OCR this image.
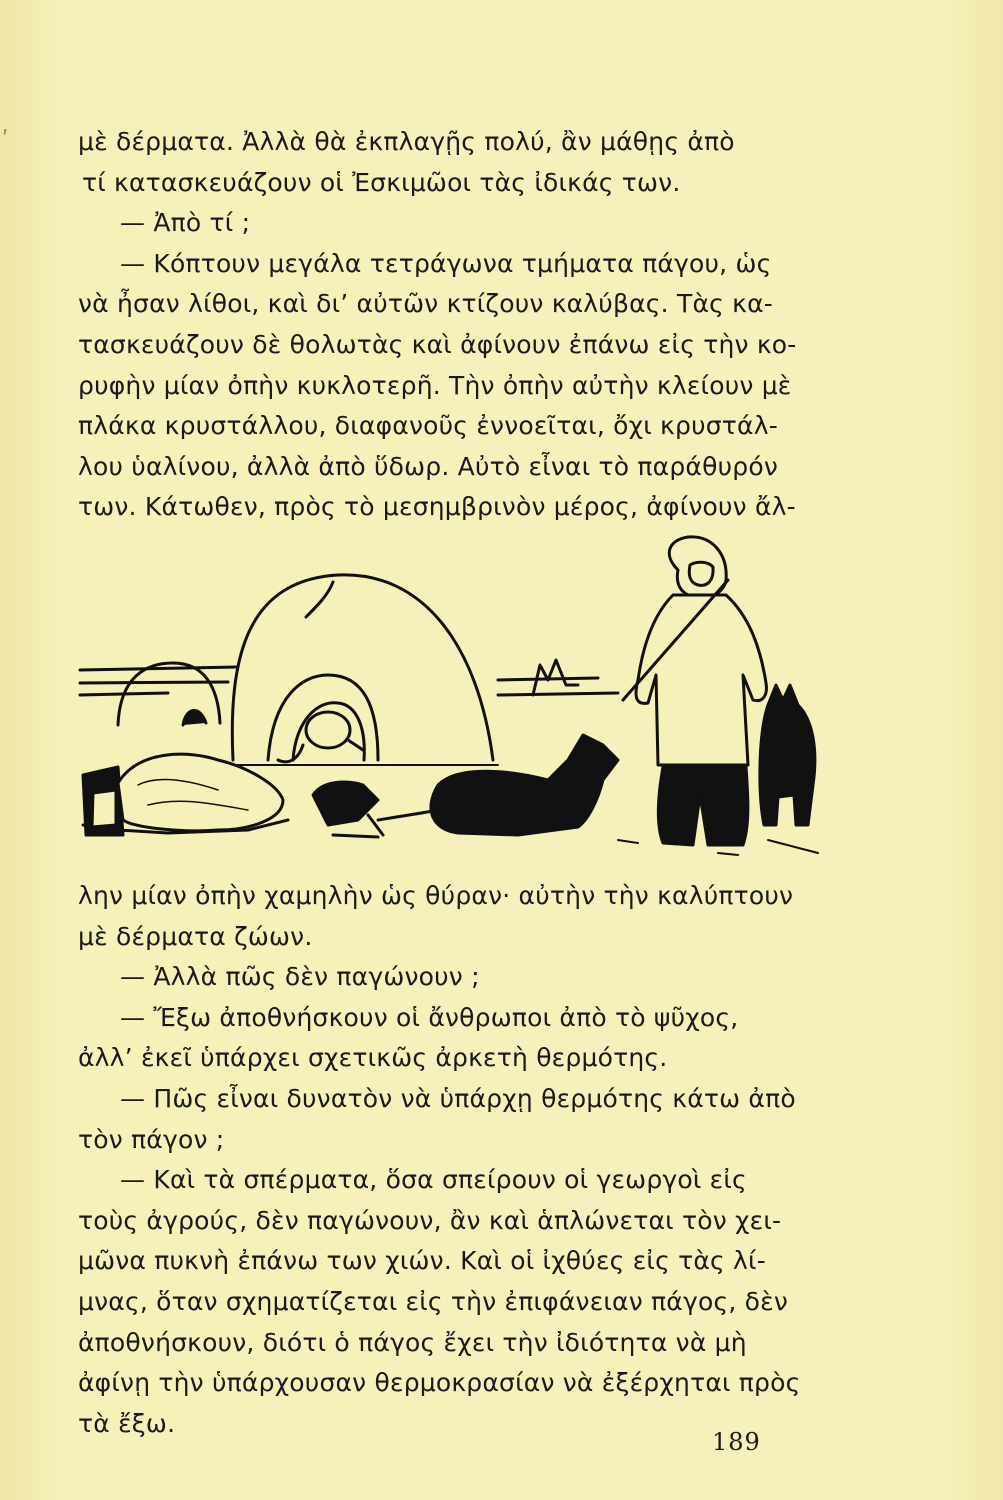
ʹ	μὲ δέρματα. Ἀλλὰ θὰ ἐκπλαγῇς πολύ, ἂν μάθῃς ἀπὸ
τί κατασκευάζουν οἱ Ἐσκιμῶοι τὰς ἰδικάς των.
— Ἀπὸ τί ;
— Κόπτουν μεγάλα τετράγωνα τμήματα πάγου, ὡς
νὰ ἦσαν λίθοι, καὶ δι’ αὐτῶν κτίζουν καλύβας. Τὰς κα-
τασκευάζουν δὲ θολωτὰς καὶ ἀφίνουν ἐπάνω εἰς τὴν κο-
ρυφὴν μίαν ὀπὴν κυκλοτερῆ. Τὴν ὀπὴν αὐτὴν κλείουν μὲ
πλάκα κρυστάλλου, διαφανοῦς ἐννοεῖται, ὄχι κρυστάλ-
λου ὑαλίνου, ἀλλὰ ἀπὸ ὕδωρ. Αὐτὸ εἶναι τὸ παράθυρόν
των. Κάτωθεν, πρὸς τὸ μεσημβρινὸν μέρος, ἀφίνουν ἄλ-
λην μίαν ὀπὴν χαμηλὴν ὡς θύραν· αὐτὴν τὴν καλύπτουν
μὲ δέρματα ζώων.
— Ἀλλὰ πῶς δὲν παγώνουν ;
— Ἔξω ἀποθνήσκουν οἱ ἄνθρωποι ἀπὸ τὸ ψῦχος,
ἀλλ’ ἐκεῖ ὑπάρχει σχετικῶς ἀρκετὴ θερμότης.
— Πῶς εἶναι δυνατὸν νὰ ὑπάρχῃ θερμότης κάτω ἀπὸ
τὸν πάγον ;
— Καὶ τὰ σπέρματα, ὅσα σπείρουν οἱ γεωργοὶ εἰς
τοὺς ἀγρούς, δὲν παγώνουν, ἂν καὶ ἁπλώνεται τὸν χει-
μῶνα πυκνὴ ἐπάνω των χιών. Καὶ οἱ ἰχθύες εἰς τὰς λί-
μνας, ὅταν σχηματίζεται εἰς τὴν ἐπιφάνειαν πάγος, δὲν
ἀποθνήσκουν, διότι ὁ πάγος ἔχει τὴν ἰδιότητα νὰ μὴ
ἀφίνῃ τὴν ὑπάρχουσαν θερμοκρασίαν νὰ ἐξέρχηται πρὸς
τὰ ἔξω.
189
